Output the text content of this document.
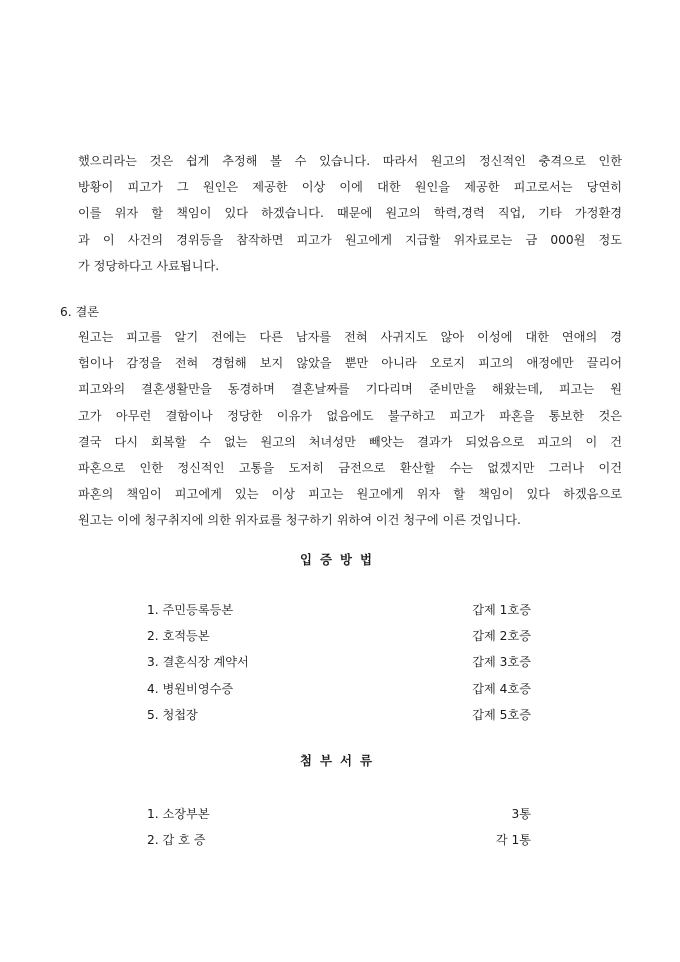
했으리라는 것은 쉽게 추정해 볼 수 있습니다. 따라서 원고의 정신적인 충격으로 인한
방황이 피고가 그 원인은 제공한 이상 이에 대한 원인을 제공한 피고로서는 당연히
이를 위자 할 책임이 있다 하겠습니다. 때문에 원고의 학력,경력 직업, 기타 가정환경
과 이 사건의 경위등을 참작하면 피고가 원고에게 지급할 위자료로는 금 000원 정도
가 정당하다고 사료됩니다.
6. 결론
원고는 피고를 알기 전에는 다른 남자를 전혀 사귀지도 않아 이성에 대한 연애의 경
험이나 감정을 전혀 경험해 보지 않았을 뿐만 아니라 오로지 피고의 애정에만 끌리어
피고와의 결혼생활만을 동경하며 결혼날짜를 기다리며 준비만을 해왔는데, 피고는 원
고가 아무런 결함이나 정당한 이유가 없음에도 불구하고 피고가 파혼을 통보한 것은
결국 다시 회복할 수 없는 원고의 처녀성만 빼앗는 결과가 되었음으로 피고의 이 건
파혼으로 인한 정신적인 고통을 도저히 금전으로 환산할 수는 없겠지만 그러나 이건
파혼의 책임이 피고에게 있는 이상 피고는 원고에게 위자 할 책임이 있다 하겠음으로
원고는 이에 청구취지에 의한 위자료를 청구하기 위하여 이건 청구에 이른 것입니다.
입증방법
1. 주민등록등본	갑제 1호증
2. 호적등본	갑제 2호증
3. 결혼식장 계약서	갑제 3호증
4. 병원비영수증	갑제 4호증
5. 청첩장	갑제 5호증
첨부서류
1. 소장부본	3통
2. 갑 호 증	각 1통
